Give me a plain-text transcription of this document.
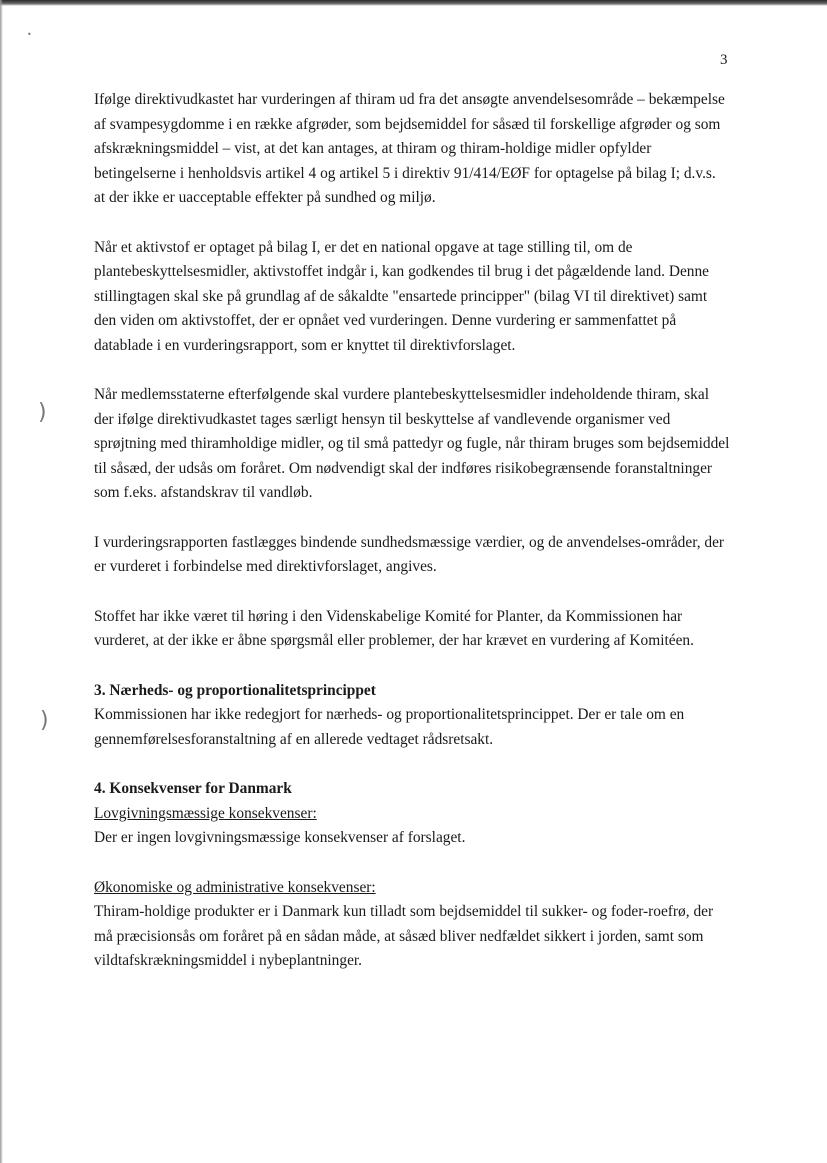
•
)
)
3

Ifølge direktivudkastet har vurderingen af thiram ud fra det ansøgte anvendelsesområde – bekæmpelse af svampesygdomme i en række afgrøder, som bejdsemiddel for såsæd til forskellige afgrøder og som afskrækningsmiddel – vist, at det kan antages, at thiram og thiram-holdige midler opfylder betingelserne i henholdsvis artikel 4 og artikel 5 i direktiv 91/414/EØF for optagelse på bilag I; d.v.s. at der ikke er uacceptable effekter på sundhed og miljø.

Når et aktivstof er optaget på bilag I, er det en national opgave at tage stilling til, om de plantebeskyttelsesmidler, aktivstoffet indgår i, kan godkendes til brug i det pågældende land. Denne stillingtagen skal ske på grundlag af de såkaldte "ensartede principper" (bilag VI til direktivet) samt den viden om aktivstoffet, der er opnået ved vurderingen. Denne vurdering er sammenfattet på datablade i en vurderingsrapport, som er knyttet til direktivforslaget.

Når medlemsstaterne efterfølgende skal vurdere plantebeskyttelsesmidler indeholdende thiram, skal der ifølge direktivudkastet tages særligt hensyn til beskyttelse af vandlevende organismer ved sprøjtning med thiramholdige midler, og til små pattedyr og fugle, når thiram bruges som bejdsemiddel til såsæd, der udsås om foråret. Om nødvendigt skal der indføres risikobegrænsende foranstaltninger som f.eks. afstandskrav til vandløb.

I vurderingsrapporten fastlægges bindende sundhedsmæssige værdier, og de anvendelses-områder, der er vurderet i forbindelse med direktivforslaget, angives.

Stoffet har ikke været til høring i den Videnskabelige Komité for Planter, da Kommissionen har vurderet, at der ikke er åbne spørgsmål eller problemer, der har krævet en vurdering af Komitéen.

3. Nærheds- og proportionalitetsprincippet

Kommissionen har ikke redegjort for nærheds- og proportionalitetsprincippet. Der er tale om en gennemførelsesforanstaltning af en allerede vedtaget rådsretsakt.

4. Konsekvenser for Danmark

Lovgivningsmæssige konsekvenser:

Der er ingen lovgivningsmæssige konsekvenser af forslaget.

Økonomiske og administrative konsekvenser:

Thiram-holdige produkter er i Danmark kun tilladt som bejdsemiddel til sukker- og foder-roefrø, der må præcisionsås om foråret på en sådan måde, at såsæd bliver nedfældet sikkert i jorden, samt som vildtafskrækningsmiddel i nybeplantninger.
